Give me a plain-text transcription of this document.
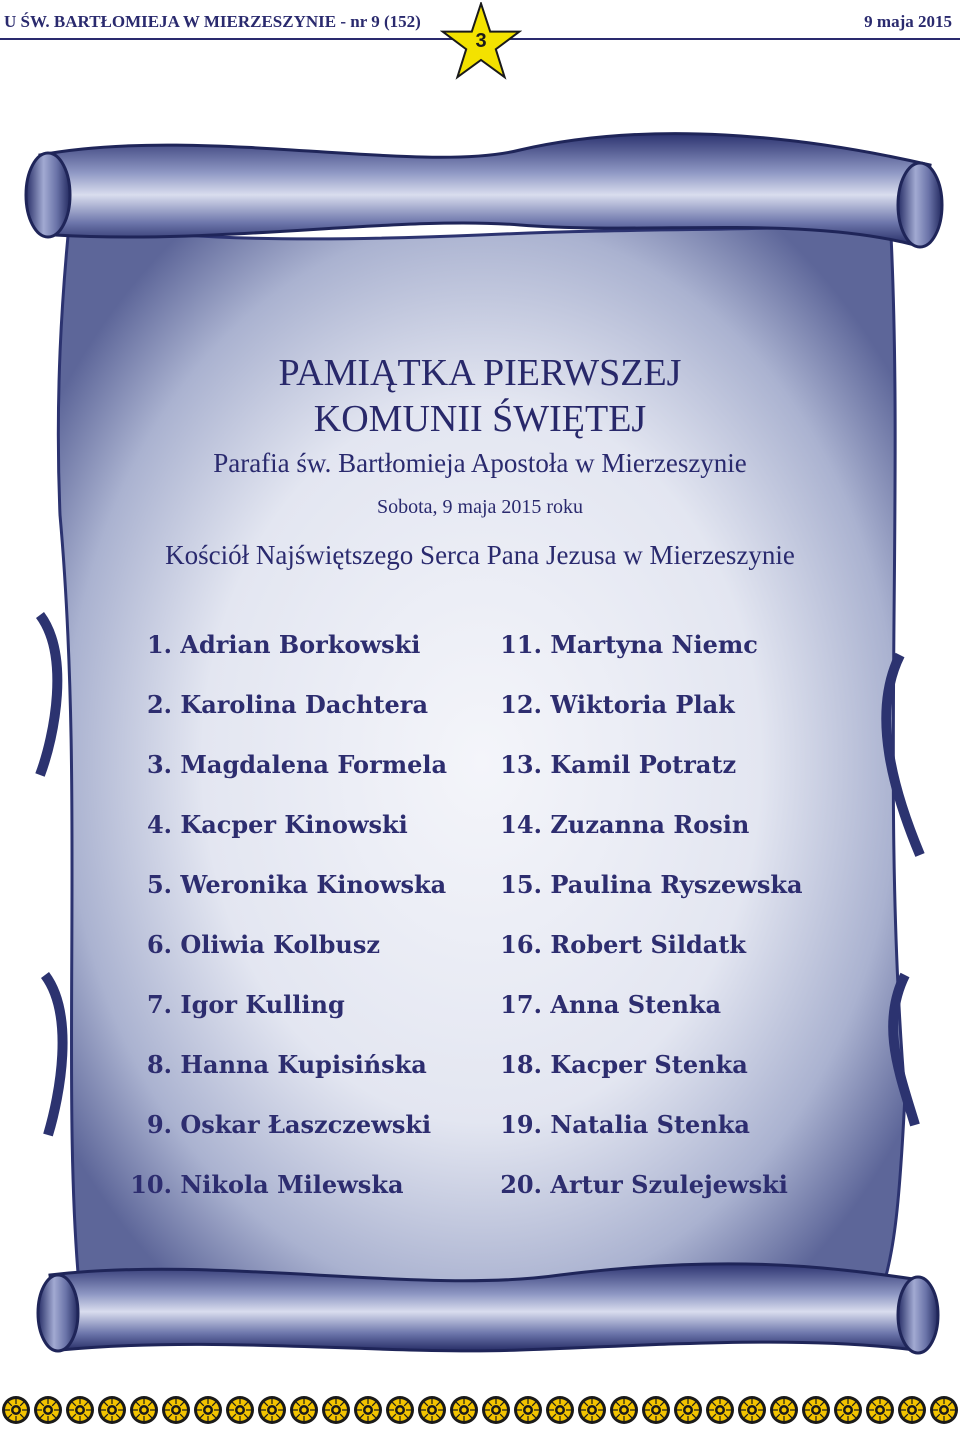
U ŚW. BARTŁOMIEJA W MIERZESZYNIE - nr 9 (152)	9 maja 2015
3
PAMIĄTKA PIERWSZEJ
KOMUNII ŚWIĘTEJ
Parafia św. Bartłomieja Apostoła w Mierzeszynie
Sobota, 9 maja 2015 roku
Kościół Najświętszego Serca Pana Jezusa w Mierzeszynie
1. Adrian Borkowski
2. Karolina Dachtera
3. Magdalena Formela
4. Kacper Kinowski
5. Weronika Kinowska
6. Oliwia Kolbusz
7. Igor Kulling
8. Hanna Kupisińska
9. Oskar Łaszczewski
10. Nikola Milewska
11. Martyna Niemc
12. Wiktoria Plak
13. Kamil Potratz
14. Zuzanna Rosin
15. Paulina Ryszewska
16. Robert Sildatk
17. Anna Stenka
18. Kacper Stenka
19. Natalia Stenka
20. Artur Szulejewski
